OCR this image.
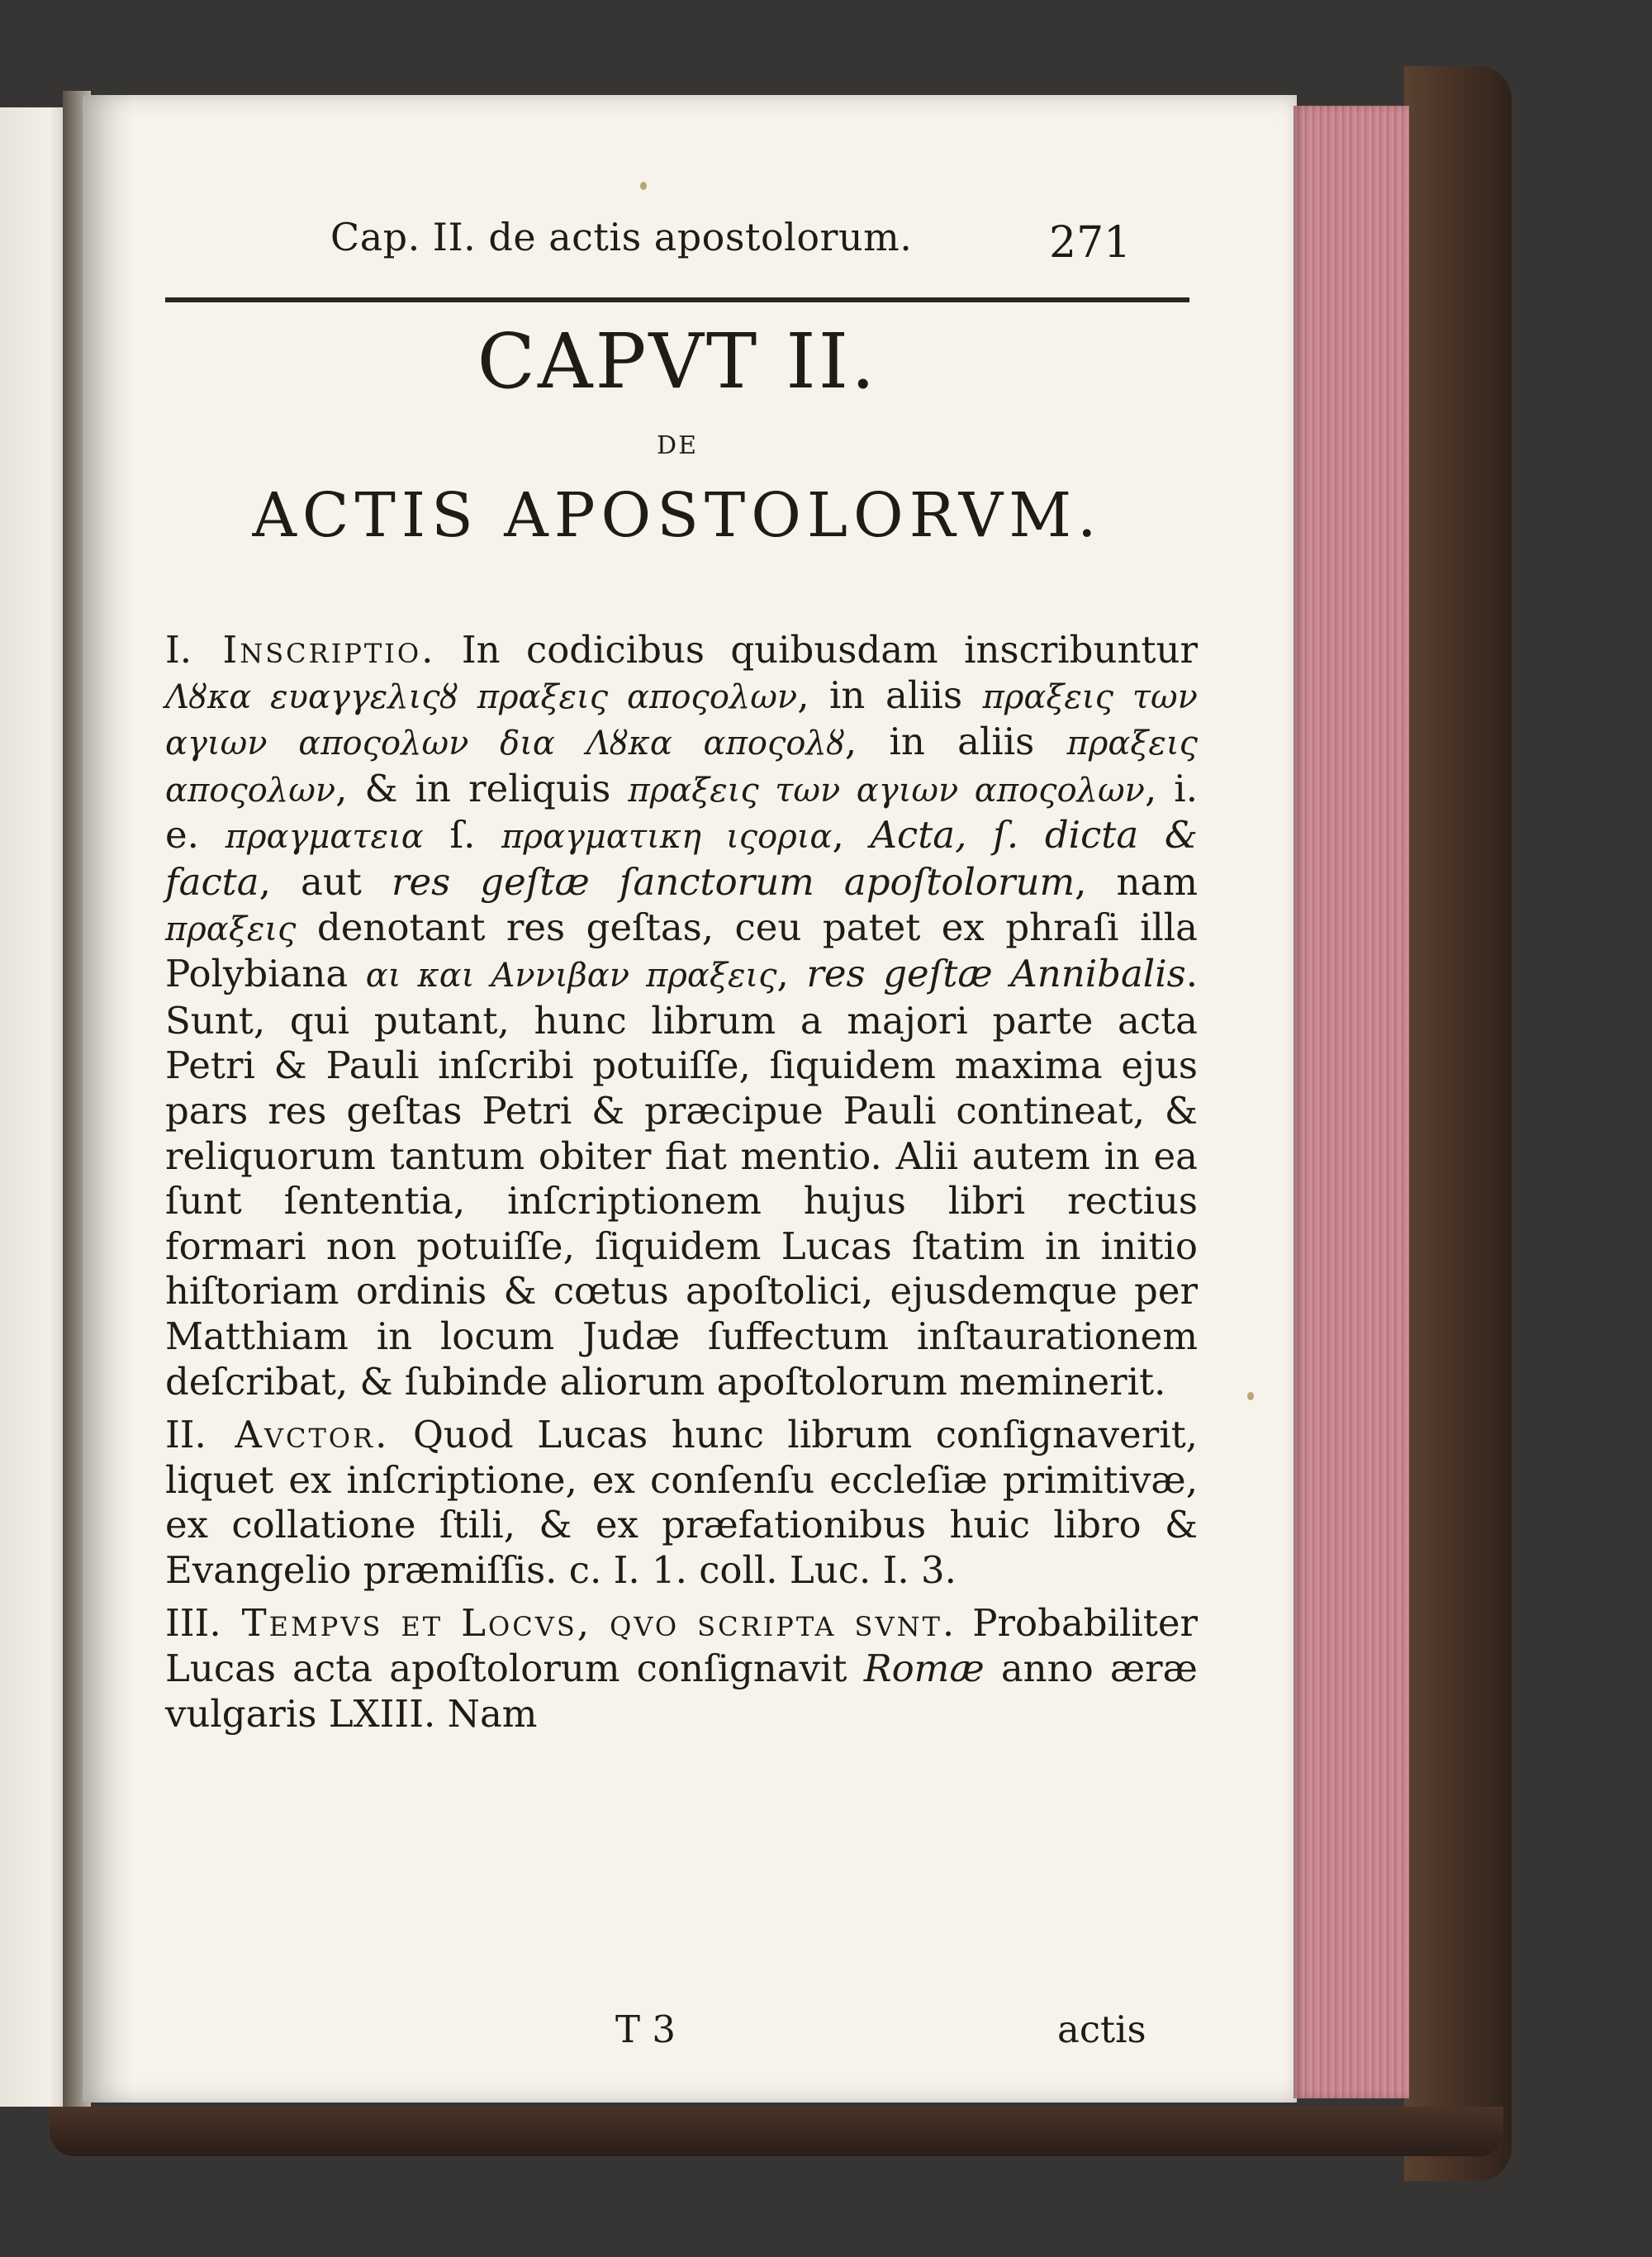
Cap. II. de actis apostolorum.	271
CAPVT II.
DE
ACTIS APOSTOLORVM.

I. Inscriptio. In codicibus quibusdam inscribuntur Λȣκα ευαγγελιςȣ πραξεις αποςολων, in aliis πραξεις των αγιων αποςολων δια Λȣκα αποςολȣ, in aliis πραξεις αποςολων, & in reliquis πραξεις των αγιων αποςολων, i. e. πραγματεια ſ. πραγματικη ιςορια, Acta, ſ. dicta & facta, aut res geſtæ ſanctorum apoſtolorum, nam πραξεις denotant res geſtas, ceu patet ex phraſi illa Polybiana αι και Αννιβαν πραξεις, res geſtæ Annibalis. Sunt, qui putant, hunc librum a majori parte acta Petri & Pauli inſcribi potuiſſe, ſiquidem maxima ejus pars res geſtas Petri & præcipue Pauli contineat, & reliquorum tantum obiter fiat mentio. Alii autem in ea ſunt ſententia, inſcriptionem hujus libri rectius formari non potuiſſe, ſiquidem Lucas ſtatim in initio hiſtoriam ordinis & cœtus apoſtolici, ejusdemque per Matthiam in locum Judæ ſuffectum inſtaurationem deſcribat, & ſubinde aliorum apoſtolorum meminerit.

II. Avctor. Quod Lucas hunc librum conſignaverit, liquet ex inſcriptione, ex conſenſu eccleſiæ primitivæ, ex collatione ſtili, & ex præfationibus huic libro & Evangelio præmiſſis. c. I. 1. coll. Luc. I. 3.

III. Tempvs et Locvs, qvo scripta svnt. Probabiliter Lucas acta apoſtolorum conſignavit Romæ anno æræ vulgaris LXIII. Nam

T 3	actis
